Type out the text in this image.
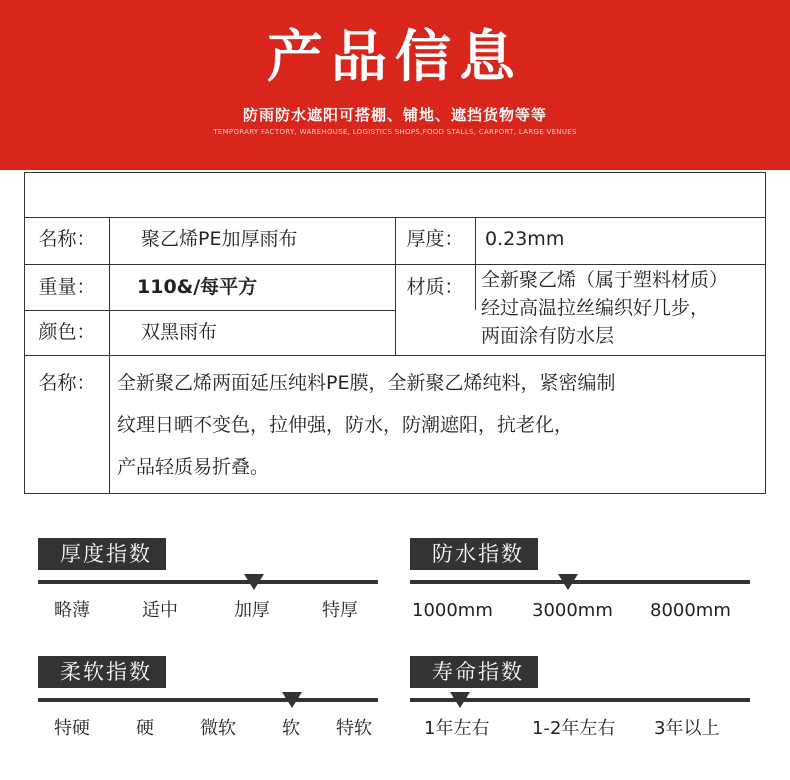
产品信息
防雨防水遮阳可搭棚、铺地、遮挡货物等等
TEMPORARY FACTORY, WAREHOUSE, LOGISTICS SHOPS,FOOD STALLS, CARPORT, LARGE VENUES
名称：	聚乙烯PE加厚雨布	厚度：	0.23mm
重量：	110&/每平方	材质： 全新聚乙烯（属于塑料材质）
经过高温拉丝编织好几步，
两面涂有防水层
颜色：	双黑雨布
名称：	全新聚乙烯两面延压纯料PE膜，全新聚乙烯纯料，紧密编制
纹理日晒不变色，拉伸强，防水，防潮遮阳，抗老化，
产品轻质易折叠。
厚度指数
略薄	适中	加厚	特厚
防水指数
1000mm 3000mm 8000mm
柔软指数
特硬	硬	微软	软 特软
寿命指数
1年左右 1-2年左右 3年以上
